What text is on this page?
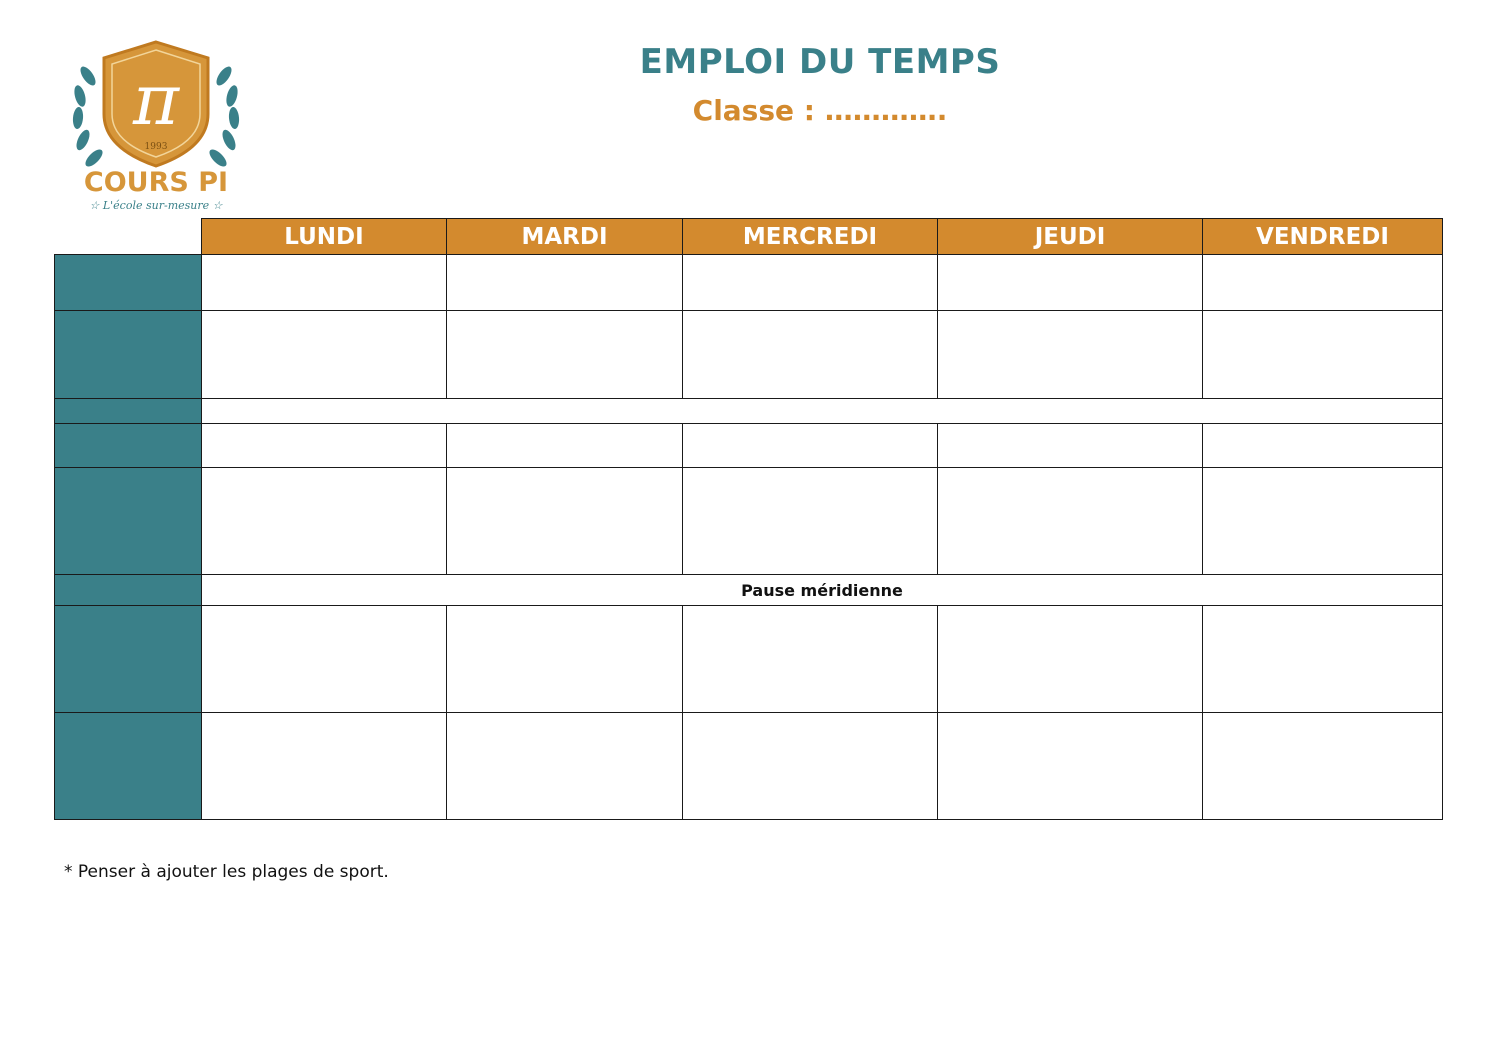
π
1993
COURS PI
☆ L'école sur-mesure ☆
EMPLOI DU TEMPS
Classe : ………….
	LUNDI	MARDI	MERCREDI	JEUDI	VENDREDI

	Pause méridienne				

* Penser à ajouter les plages de sport.
